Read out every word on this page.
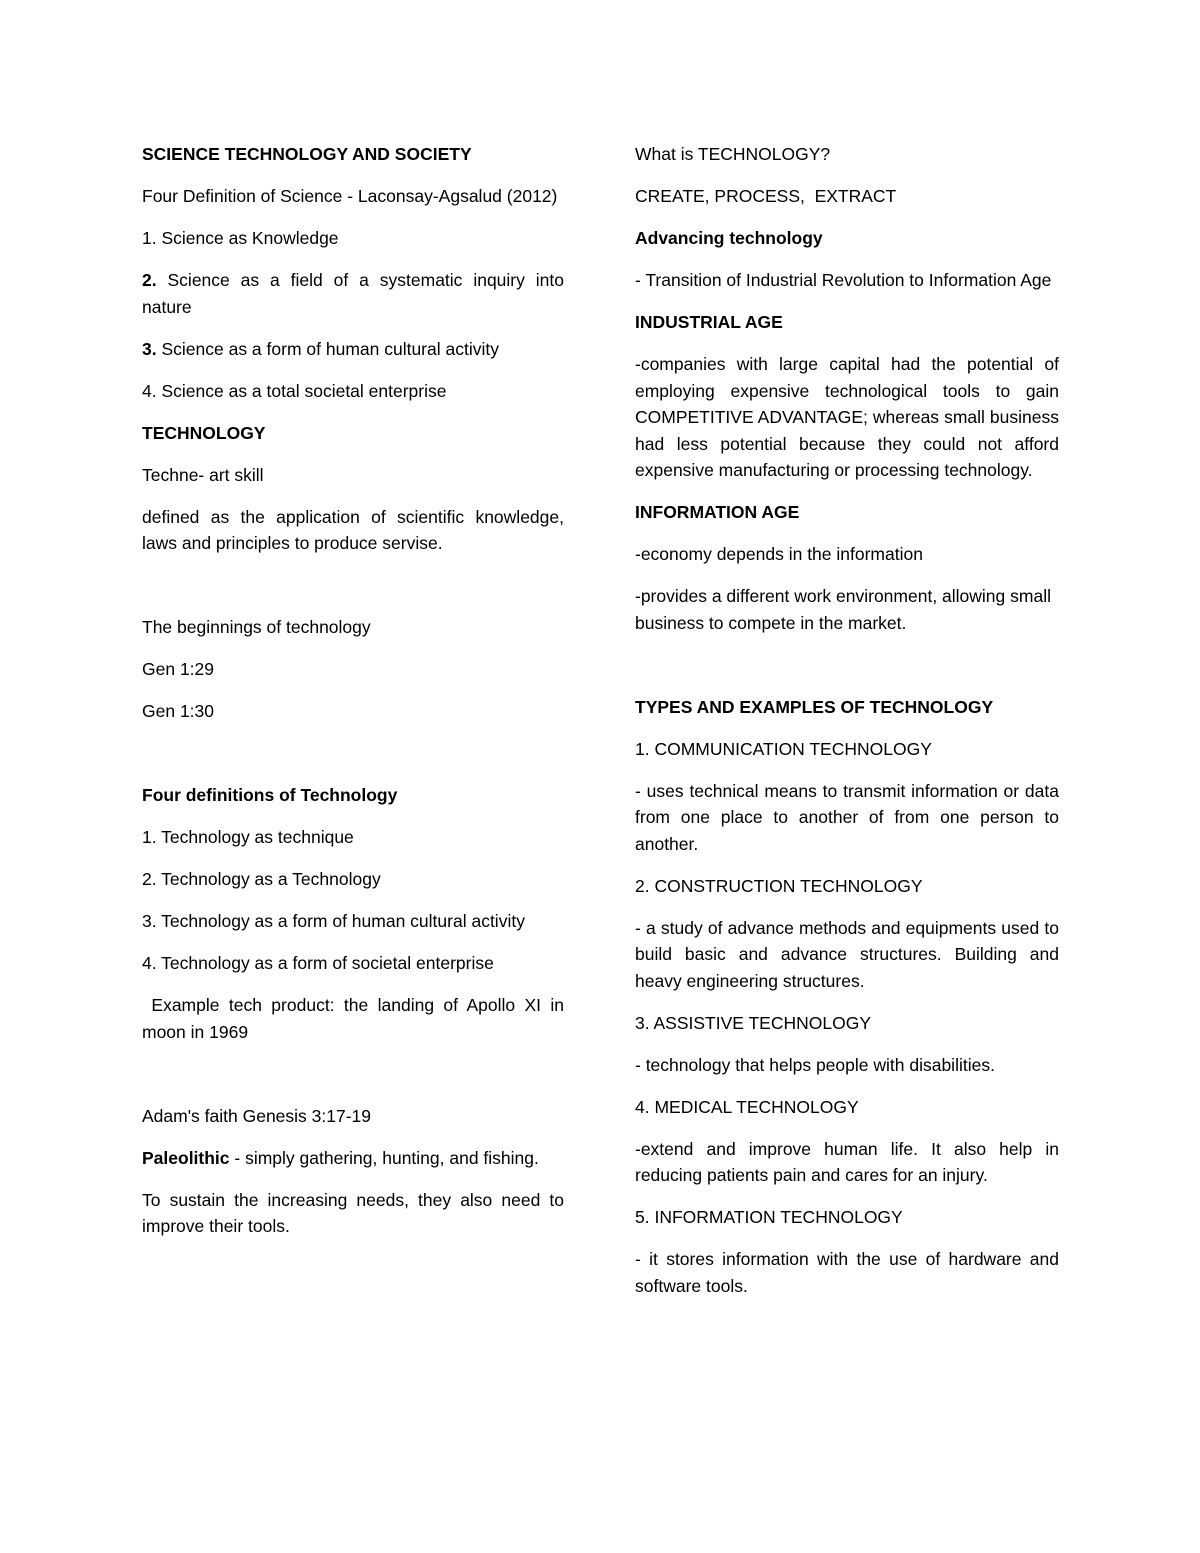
SCIENCE TECHNOLOGY AND SOCIETY

Four Definition of Science - Laconsay-Agsalud (2012)

1. Science as Knowledge

2. Science as a field of a systematic inquiry into nature

3. Science as a form of human cultural activity

4. Science as a total societal enterprise

TECHNOLOGY

Techne- art skill

defined as the application of scientific knowledge, laws and principles to produce servise.

The beginnings of technology

Gen 1:29

Gen 1:30

Four definitions of Technology

1. Technology as technique

2. Technology as a Technology

3. Technology as a form of human cultural activity

4. Technology as a form of societal enterprise

Example tech product: the landing of Apollo XI in moon in 1969

Adam's faith Genesis 3:17-19

Paleolithic - simply gathering, hunting, and fishing.

To sustain the increasing needs, they also need to improve their tools.

What is TECHNOLOGY?

CREATE, PROCESS,  EXTRACT

Advancing technology

- Transition of Industrial Revolution to Information Age

INDUSTRIAL AGE

-companies with large capital had the potential of employing expensive technological tools to gain COMPETITIVE ADVANTAGE; whereas small business had less potential because they could not afford expensive manufacturing or processing technology.

INFORMATION AGE

-economy depends in the information

-provides a different work environment, allowing small business to compete in the market.

TYPES AND EXAMPLES OF TECHNOLOGY

1. COMMUNICATION TECHNOLOGY

- uses technical means to transmit information or data from one place to another of from one person to another.

2. CONSTRUCTION TECHNOLOGY

- a study of advance methods and equipments used to build basic and advance structures. Building and heavy engineering structures.

3. ASSISTIVE TECHNOLOGY

- technology that helps people with disabilities.

4. MEDICAL TECHNOLOGY

-extend and improve human life. It also help in reducing patients pain and cares for an injury.

5. INFORMATION TECHNOLOGY

- it stores information with the use of hardware and software tools.
